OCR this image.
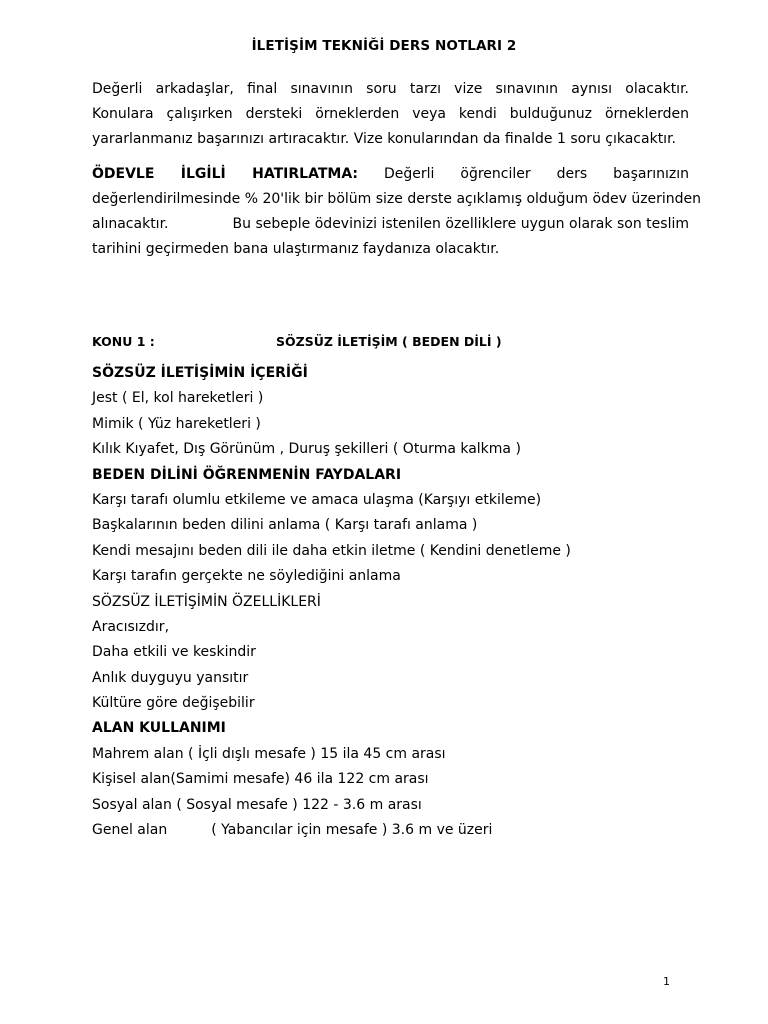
İLETİŞİM TEKNİĞİ DERS NOTLARI 2
Değerli arkadaşlar, final sınavının soru tarzı vize sınavının aynısı olacaktır.
Konulara çalışırken dersteki örneklerden veya kendi bulduğunuz örneklerden
yararlanmanız başarınızı artıracaktır. Vize konularından da finalde 1 soru çıkacaktır.
ÖDEVLE İLGİLİ HATIRLATMA: Değerli öğrenciler ders başarınızın
değerlendirilmesinde % 20'lik bir bölüm size derste açıklamış olduğum ödev üzerinden
alınacaktır.	Bu sebeple ödevinizi istenilen özelliklere uygun olarak son teslim
tarihini geçirmeden bana ulaştırmanız faydanıza olacaktır.
KONU 1 :	SÖZSÜZ İLETİŞİM ( BEDEN DİLİ )
SÖZSÜZ İLETİŞİMİN İÇERİĞİ
Jest ( El, kol hareketleri )
Mimik ( Yüz hareketleri )
Kılık Kıyafet, Dış Görünüm , Duruş şekilleri ( Oturma kalkma )
BEDEN DİLİNİ ÖĞRENMENİN FAYDALARI
Karşı tarafı olumlu etkileme ve amaca ulaşma (Karşıyı etkileme)
Başkalarının beden dilini anlama ( Karşı tarafı anlama )
Kendi mesajını beden dili ile daha etkin iletme ( Kendini denetleme )
Karşı tarafın gerçekte ne söylediğini anlama
SÖZSÜZ İLETİŞİMİN ÖZELLİKLERİ
Aracısızdır,
Daha etkili ve keskindir
Anlık duyguyu yansıtır
Kültüre göre değişebilir
ALAN KULLANIMI
Mahrem alan ( İçli dışlı mesafe ) 15 ila 45 cm arası
Kişisel alan(Samimi mesafe) 46 ila 122 cm arası
Sosyal alan ( Sosyal mesafe ) 122 - 3.6 m arası
Genel alan	( Yabancılar için mesafe ) 3.6 m ve üzeri
1
